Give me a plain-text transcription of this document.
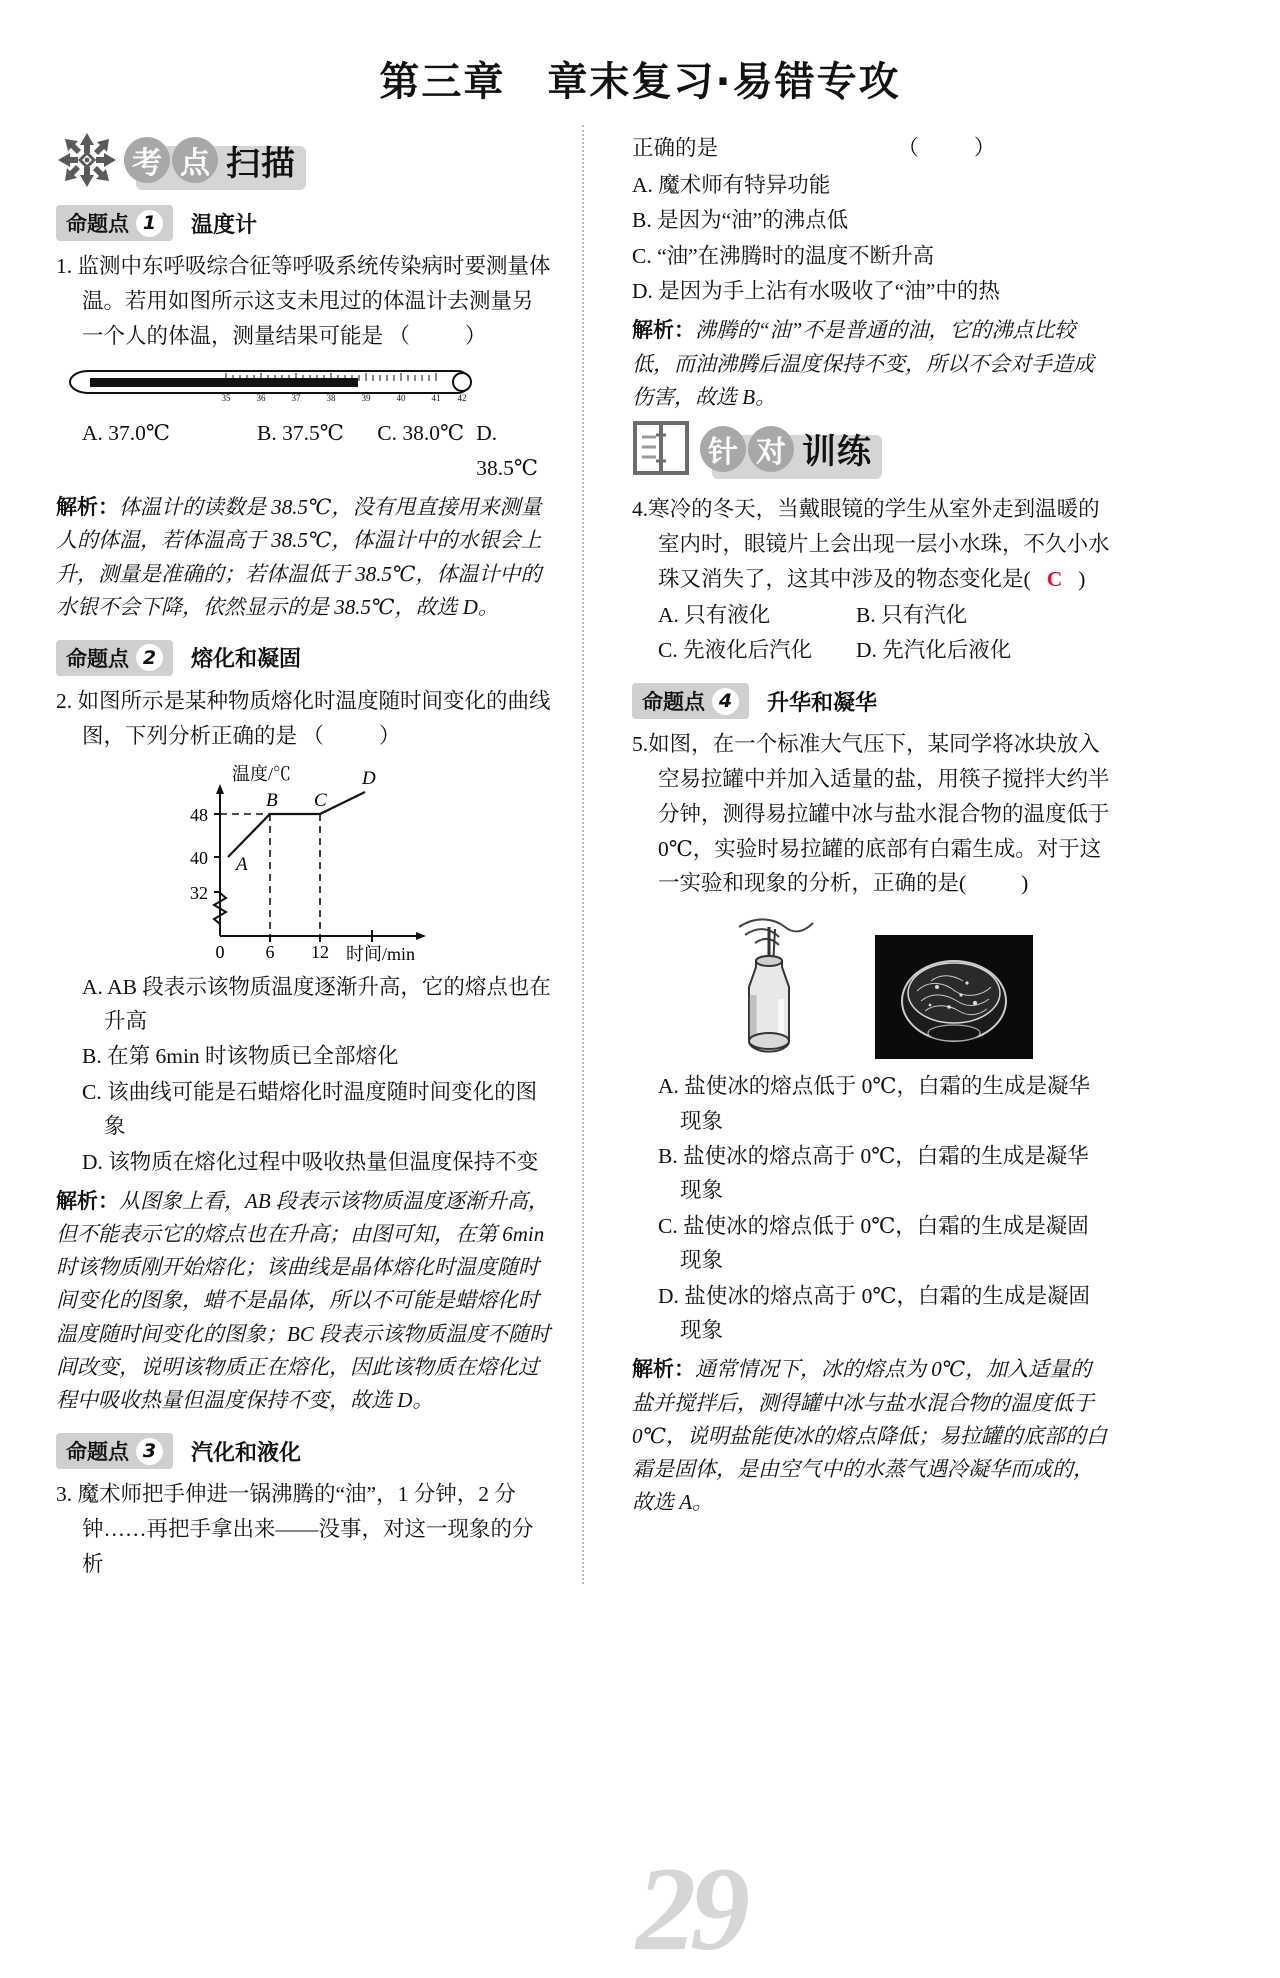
29
第三章　章末复习·易错专攻
考 点 扫描
命题点 1	温度计
1. 监测中东呼吸综合征等呼吸系统传染病时要测量体温。若用如图所示这支未甩过的体温计去测量另一个人的体温，测量结果可能是 （　　）
35	36	37	38	39	40	41 42
A. 37.0℃	B. 37.5℃	C. 38.0℃ D. 38.5℃
解析：体温计的读数是 38.5℃，没有甩直接用来测量人的体温，若体温高于 38.5℃，体温计中的水银会上升，测量是准确的；若体温低于 38.5℃，体温计中的水银不会下降，依然显示的是 38.5℃，故选 D。
命题点 2	熔化和凝固
2. 如图所示是某种物质熔化时温度随时间变化的曲线图，下列分析正确的是 （　　）
温度/℃
48
40
32
0 6 12 时间/min
A
B C
D
A. AB 段表示该物质温度逐渐升高，它的熔点也在升高
B. 在第 6min 时该物质已全部熔化
C. 该曲线可能是石蜡熔化时温度随时间变化的图象
D. 该物质在熔化过程中吸收热量但温度保持不变
解析：从图象上看，AB 段表示该物质温度逐渐升高，但不能表示它的熔点也在升高；由图可知，在第 6min 时该物质刚开始熔化；该曲线是晶体熔化时温度随时间变化的图象，蜡不是晶体，所以不可能是蜡熔化时温度随时间变化的图象；BC 段表示该物质温度不随时间改变，说明该物质正在熔化，因此该物质在熔化过程中吸收热量但温度保持不变，故选 D。
命题点 3	汽化和液化
3. 魔术师把手伸进一锅沸腾的“油”，1 分钟，2 分钟……再把手拿出来——没事，对这一现象的分析
正确的是	（　　）
A. 魔术师有特异功能
B. 是因为“油”的沸点低
C. “油”在沸腾时的温度不断升高
D. 是因为手上沾有水吸收了“油”中的热
解析：沸腾的“油”不是普通的油，它的沸点比较低，而油沸腾后温度保持不变，所以不会对手造成伤害，故选 B。
针 对 训练
4.寒冷的冬天，当戴眼镜的学生从室外走到温暖的室内时，眼镜片上会出现一层小水珠，不久小水珠又消失了，这其中涉及的物态变化是( C )
A. 只有液化	B. 只有汽化
C. 先液化后汽化	D. 先汽化后液化
命题点 4	升华和凝华
5.如图，在一个标准大气压下，某同学将冰块放入空易拉罐中并加入适量的盐，用筷子搅拌大约半分钟，测得易拉罐中冰与盐水混合物的温度低于 0℃，实验时易拉罐的底部有白霜生成。对于这一实验和现象的分析，正确的是(　　)
A. 盐使冰的熔点低于 0℃，白霜的生成是凝华现象
B. 盐使冰的熔点高于 0℃，白霜的生成是凝华现象
C. 盐使冰的熔点低于 0℃，白霜的生成是凝固现象
D. 盐使冰的熔点高于 0℃，白霜的生成是凝固现象
解析：通常情况下，冰的熔点为 0℃，加入适量的盐并搅拌后，测得罐中冰与盐水混合物的温度低于 0℃，说明盐能使冰的熔点降低；易拉罐的底部的白霜是固体，是由空气中的水蒸气遇冷凝华而成的，故选 A。
